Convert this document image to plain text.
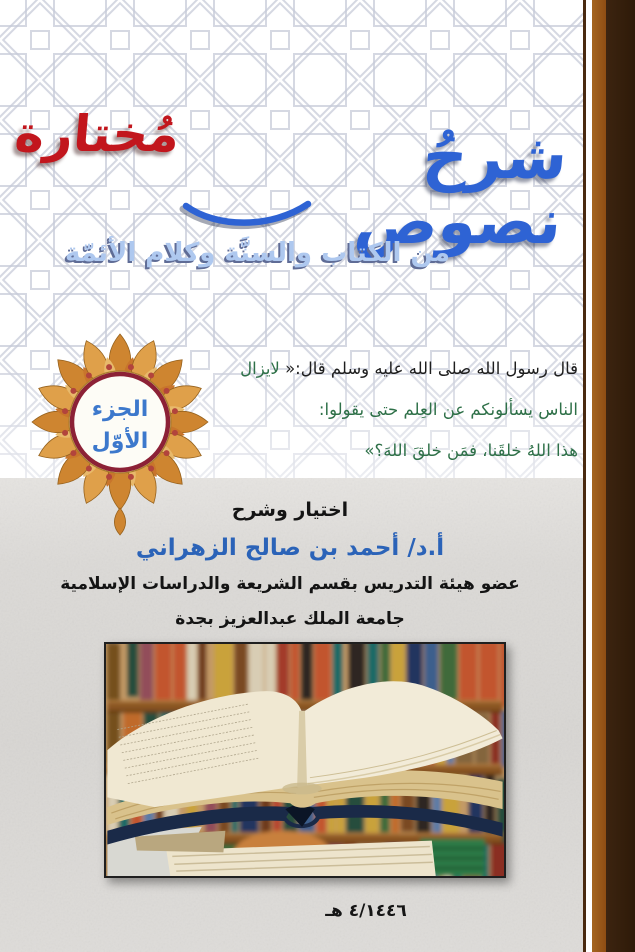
شرحُ نصوص
مُختارة
من الكتاب والسنَّة وكلام الأئمّة
الجزء
الأوّل
قال رسول الله صلى الله عليه وسلم قال:« لايزال
الناس يسألونكم عن العِلم حتى يقولوا:
هذا اللهُ خلقَنا، فمَن خلقَ اللهَ؟»
اختيار وشرح
أ.د/ أحمد بن صالح الزهراني
عضو هيئة التدريس بقسم الشريعة والدراسات الإسلامية
جامعة الملك عبدالعزيز بجدة
٤/١٤٤٦ هـ
